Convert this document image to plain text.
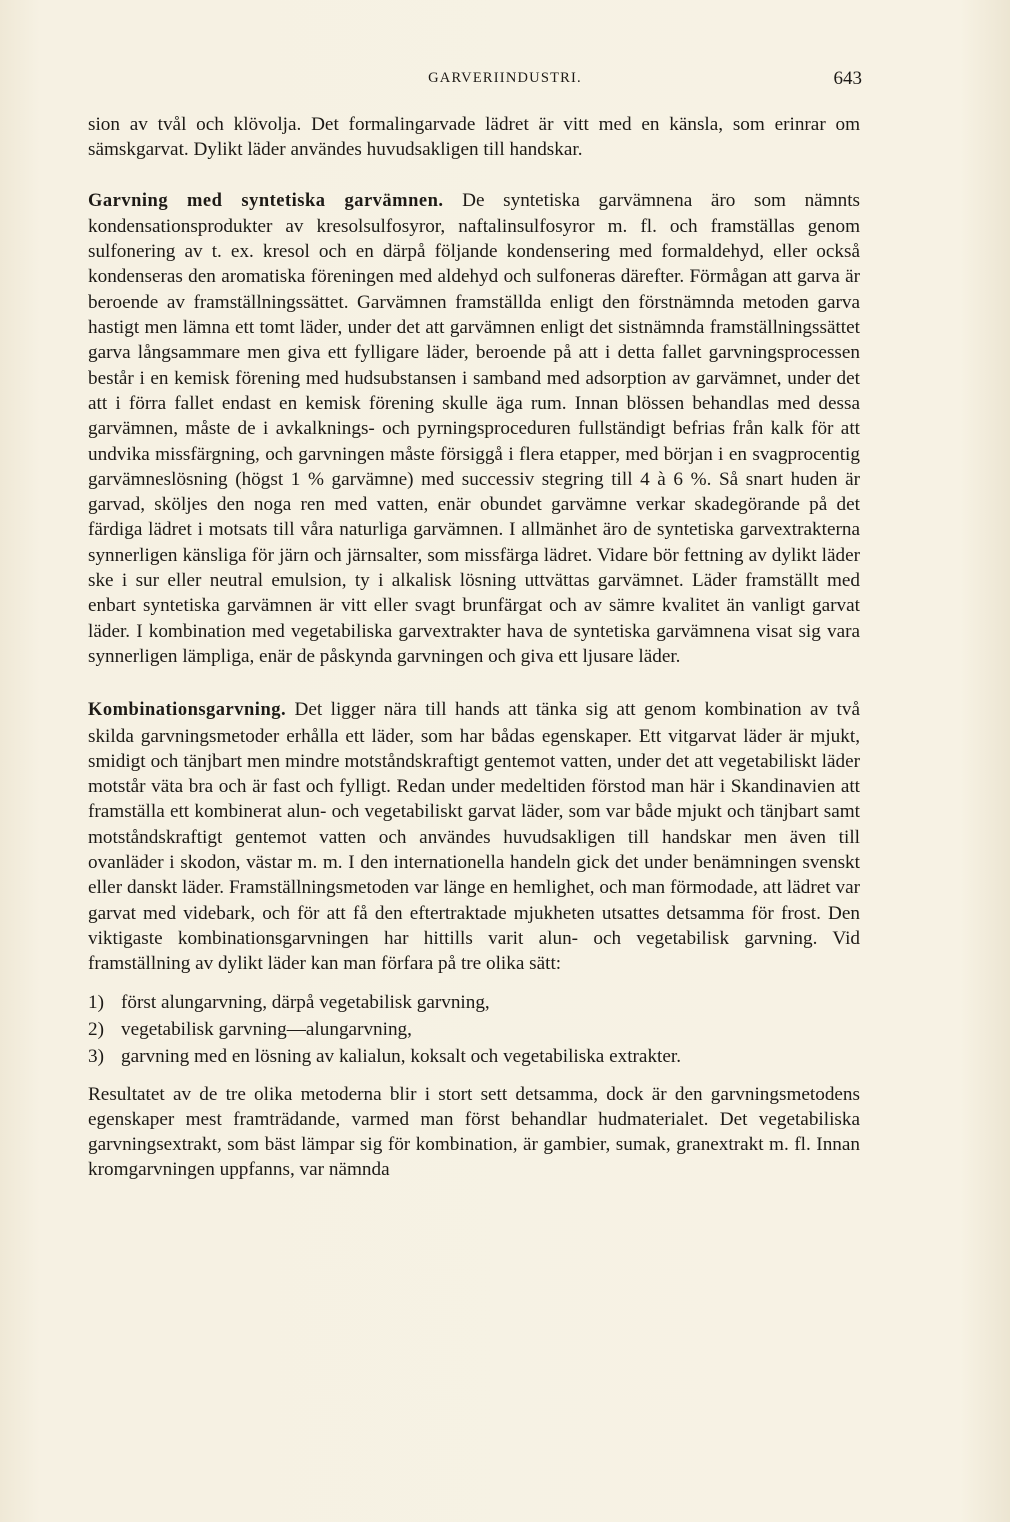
GARVERIINDUSTRI.	643

sion av tvål och klövolja. Det formalingarvade lädret är vitt med en känsla, som erinrar om sämskgarvat. Dylikt läder användes huvudsakligen till handskar.

Garvning med syntetiska garvämnen. De syntetiska garvämnena äro som nämnts kondensationsprodukter av kresolsulfosyror, naftalinsulfosyror m. fl. och framställas genom sulfonering av t. ex. kresol och en därpå följande kondensering med formaldehyd, eller också kondenseras den aromatiska föreningen med aldehyd och sulfoneras därefter. Förmågan att garva är beroende av framställningssättet. Garvämnen framställda enligt den förstnämnda metoden garva hastigt men lämna ett tomt läder, under det att garvämnen enligt det sistnämnda framställningssättet garva långsammare men giva ett fylligare läder, beroende på att i detta fallet garvningsprocessen består i en kemisk förening med hudsubstansen i samband med adsorption av garvämnet, under det att i förra fallet endast en kemisk förening skulle äga rum. Innan blössen behandlas med dessa garvämnen, måste de i avkalknings- och pyrningsproceduren fullständigt befrias från kalk för att undvika missfärgning, och garvningen måste försiggå i flera etapper, med början i en svagprocentig garvämneslösning (högst 1 % garvämne) med successiv stegring till 4 à 6 %. Så snart huden är garvad, sköljes den noga ren med vatten, enär obundet garvämne verkar skadegörande på det färdiga lädret i motsats till våra naturliga garvämnen. I allmänhet äro de syntetiska garvextrakterna synnerligen känsliga för järn och järnsalter, som missfärga lädret. Vidare bör fettning av dylikt läder ske i sur eller neutral emulsion, ty i alkalisk lösning uttvättas garvämnet. Läder framställt med enbart syntetiska garvämnen är vitt eller svagt brunfärgat och av sämre kvalitet än vanligt garvat läder. I kombination med vegetabiliska garvextrakter hava de syntetiska garvämnena visat sig vara synnerligen lämpliga, enär de påskynda garvningen och giva ett ljusare läder.

Kombinationsgarvning. Det ligger nära till hands att tänka sig att genom kombination av två skilda garvningsmetoder erhålla ett läder, som har bådas egenskaper. Ett vitgarvat läder är mjukt, smidigt och tänjbart men mindre motståndskraftigt gentemot vatten, under det att vegetabiliskt läder motstår väta bra och är fast och fylligt. Redan under medeltiden förstod man här i Skandinavien att framställa ett kombinerat alun- och vegetabiliskt garvat läder, som var både mjukt och tänjbart samt motståndskraftigt gentemot vatten och användes huvudsakligen till handskar men även till ovanläder i skodon, västar m. m. I den internationella handeln gick det under benämningen svenskt eller danskt läder. Framställningsmetoden var länge en hemlighet, och man förmodade, att lädret var garvat med videbark, och för att få den eftertraktade mjukheten utsattes detsamma för frost. Den viktigaste kombinationsgarvningen har hittills varit alun- och vegetabilisk garvning. Vid framställning av dylikt läder kan man förfara på tre olika sätt:

1) först alungarvning, därpå vegetabilisk garvning,
2) vegetabilisk garvning—alungarvning,
3) garvning med en lösning av kalialun, koksalt och vegetabiliska extrakter.

Resultatet av de tre olika metoderna blir i stort sett detsamma, dock är den garvningsmetodens egenskaper mest framträdande, varmed man först behandlar hudmaterialet. Det vegetabiliska garvningsextrakt, som bäst lämpar sig för kombination, är gambier, sumak, granextrakt m. fl. Innan kromgarvningen uppfanns, var nämnda
